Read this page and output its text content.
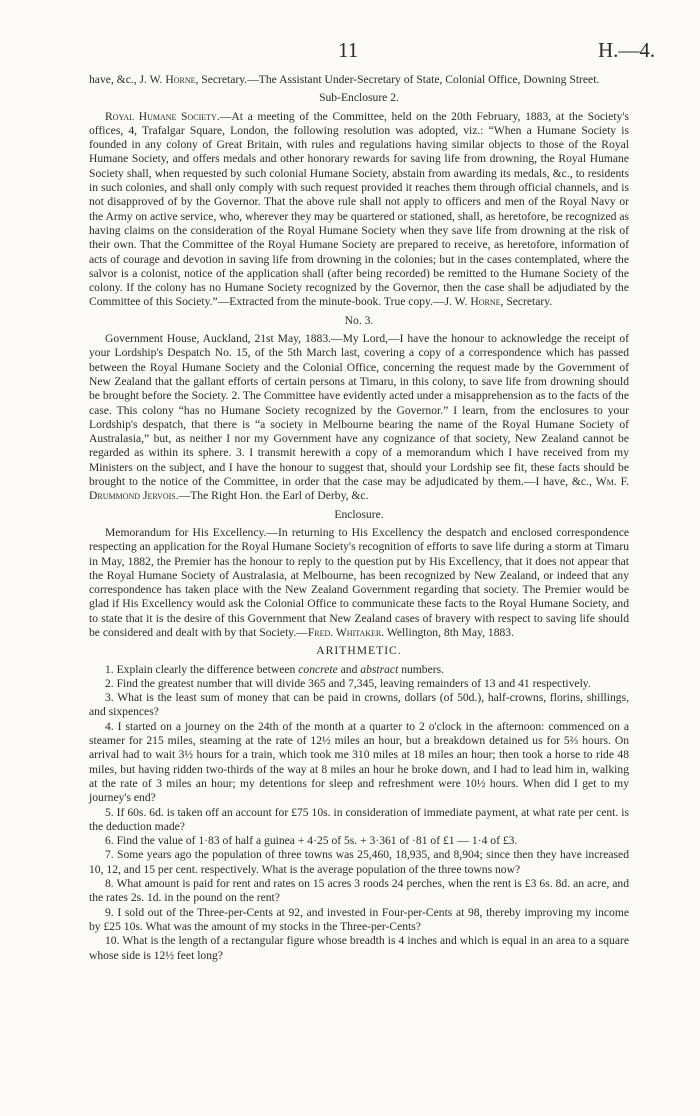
11	H.—4.

have, &c., J. W. Horne, Secretary.—The Assistant Under-Secretary of State, Colonial Office, Downing Street.

Sub-Enclosure 2.

Royal Humane Society.—At a meeting of the Committee, held on the 20th February, 1883, at the Society's offices, 4, Trafalgar Square, London, the following resolution was adopted, viz.: “When a Humane Society is founded in any colony of Great Britain, with rules and regulations having similar objects to those of the Royal Humane Society, and offers medals and other honorary rewards for saving life from drowning, the Royal Humane Society shall, when requested by such colonial Humane Society, abstain from awarding its medals, &c., to residents in such colonies, and shall only comply with such request provided it reaches them through official channels, and is not disapproved of by the Governor. That the above rule shall not apply to officers and men of the Royal Navy or the Army on active service, who, wherever they may be quartered or stationed, shall, as heretofore, be recognized as having claims on the consideration of the Royal Humane Society when they save life from drowning at the risk of their own. That the Committee of the Royal Humane Society are prepared to receive, as heretofore, information of acts of courage and devotion in saving life from drowning in the colonies; but in the cases contemplated, where the salvor is a colonist, notice of the application shall (after being recorded) be remitted to the Humane Society of the colony. If the colony has no Humane Society recognized by the Governor, then the case shall be adjudiated by the Committee of this Society.”—Extracted from the minute-book. True copy.—J. W. Horne, Secretary.

No. 3.

Government House, Auckland, 21st May, 1883.—My Lord,—I have the honour to acknowledge the receipt of your Lordship's Despatch No. 15, of the 5th March last, covering a copy of a correspondence which has passed between the Royal Humane Society and the Colonial Office, concerning the request made by the Government of New Zealand that the gallant efforts of certain persons at Timaru, in this colony, to save life from drowning should be brought before the Society. 2. The Committee have evidently acted under a misapprehension as to the facts of the case. This colony “has no Humane Society recognized by the Governor.” I learn, from the enclosures to your Lordship's despatch, that there is “a society in Melbourne bearing the name of the Royal Humane Society of Australasia,” but, as neither I nor my Government have any cognizance of that society, New Zealand cannot be regarded as within its sphere. 3. I transmit herewith a copy of a memorandum which I have received from my Ministers on the subject, and I have the honour to suggest that, should your Lordship see fit, these facts should be brought to the notice of the Committee, in order that the case may be adjudicated by them.—I have, &c., Wm. F. Drummond Jervois.—The Right Hon. the Earl of Derby, &c.

Enclosure.

Memorandum for His Excellency.—In returning to His Excellency the despatch and enclosed correspondence respecting an application for the Royal Humane Society's recognition of efforts to save life during a storm at Timaru in May, 1882, the Premier has the honour to reply to the question put by His Excellency, that it does not appear that the Royal Humane Society of Australasia, at Melbourne, has been recognized by New Zealand, or indeed that any correspondence has taken place with the New Zealand Government regarding that society. The Premier would be glad if His Excellency would ask the Colonial Office to communicate these facts to the Royal Humane Society, and to state that it is the desire of this Government that New Zealand cases of bravery with respect to saving life should be considered and dealt with by that Society.—Fred. Whitaker. Wellington, 8th May, 1883.

ARITHMETIC.

1. Explain clearly the difference between concrete and abstract numbers.

2. Find the greatest number that will divide 365 and 7,345, leaving remainders of 13 and 41 respectively.

3. What is the least sum of money that can be paid in crowns, dollars (of 50d.), half-crowns, florins, shillings, and sixpences?

4. I started on a journey on the 24th of the month at a quarter to 2 o'clock in the afternoon: commenced on a steamer for 215 miles, steaming at the rate of 12½ miles an hour, but a breakdown detained us for 5⅔ hours. On arrival had to wait 3½ hours for a train, which took me 310 miles at 18 miles an hour; then took a horse to ride 48 miles, but having ridden two-thirds of the way at 8 miles an hour he broke down, and I had to lead him in, walking at the rate of 3 miles an hour; my detentions for sleep and refreshment were 10½ hours. When did I get to my journey's end?

5. If 60s. 6d. is taken off an account for £75 10s. in consideration of immediate payment, at what rate per cent. is the deduction made?

6. Find the value of 1·83 of half a guinea + 4·25 of 5s. + 3·361 of ·81 of £1 — 1·4 of £3.

7. Some years ago the population of three towns was 25,460, 18,935, and 8,904; since then they have increased 10, 12, and 15 per cent. respectively. What is the average population of the three towns now?

8. What amount is paid for rent and rates on 15 acres 3 roods 24 perches, when the rent is £3 6s. 8d. an acre, and the rates 2s. 1d. in the pound on the rent?

9. I sold out of the Three-per-Cents at 92, and invested in Four-per-Cents at 98, thereby improving my income by £25 10s. What was the amount of my stocks in the Three-per-Cents?

10. What is the length of a rectangular figure whose breadth is 4 inches and which is equal in an area to a square whose side is 12½ feet long?
